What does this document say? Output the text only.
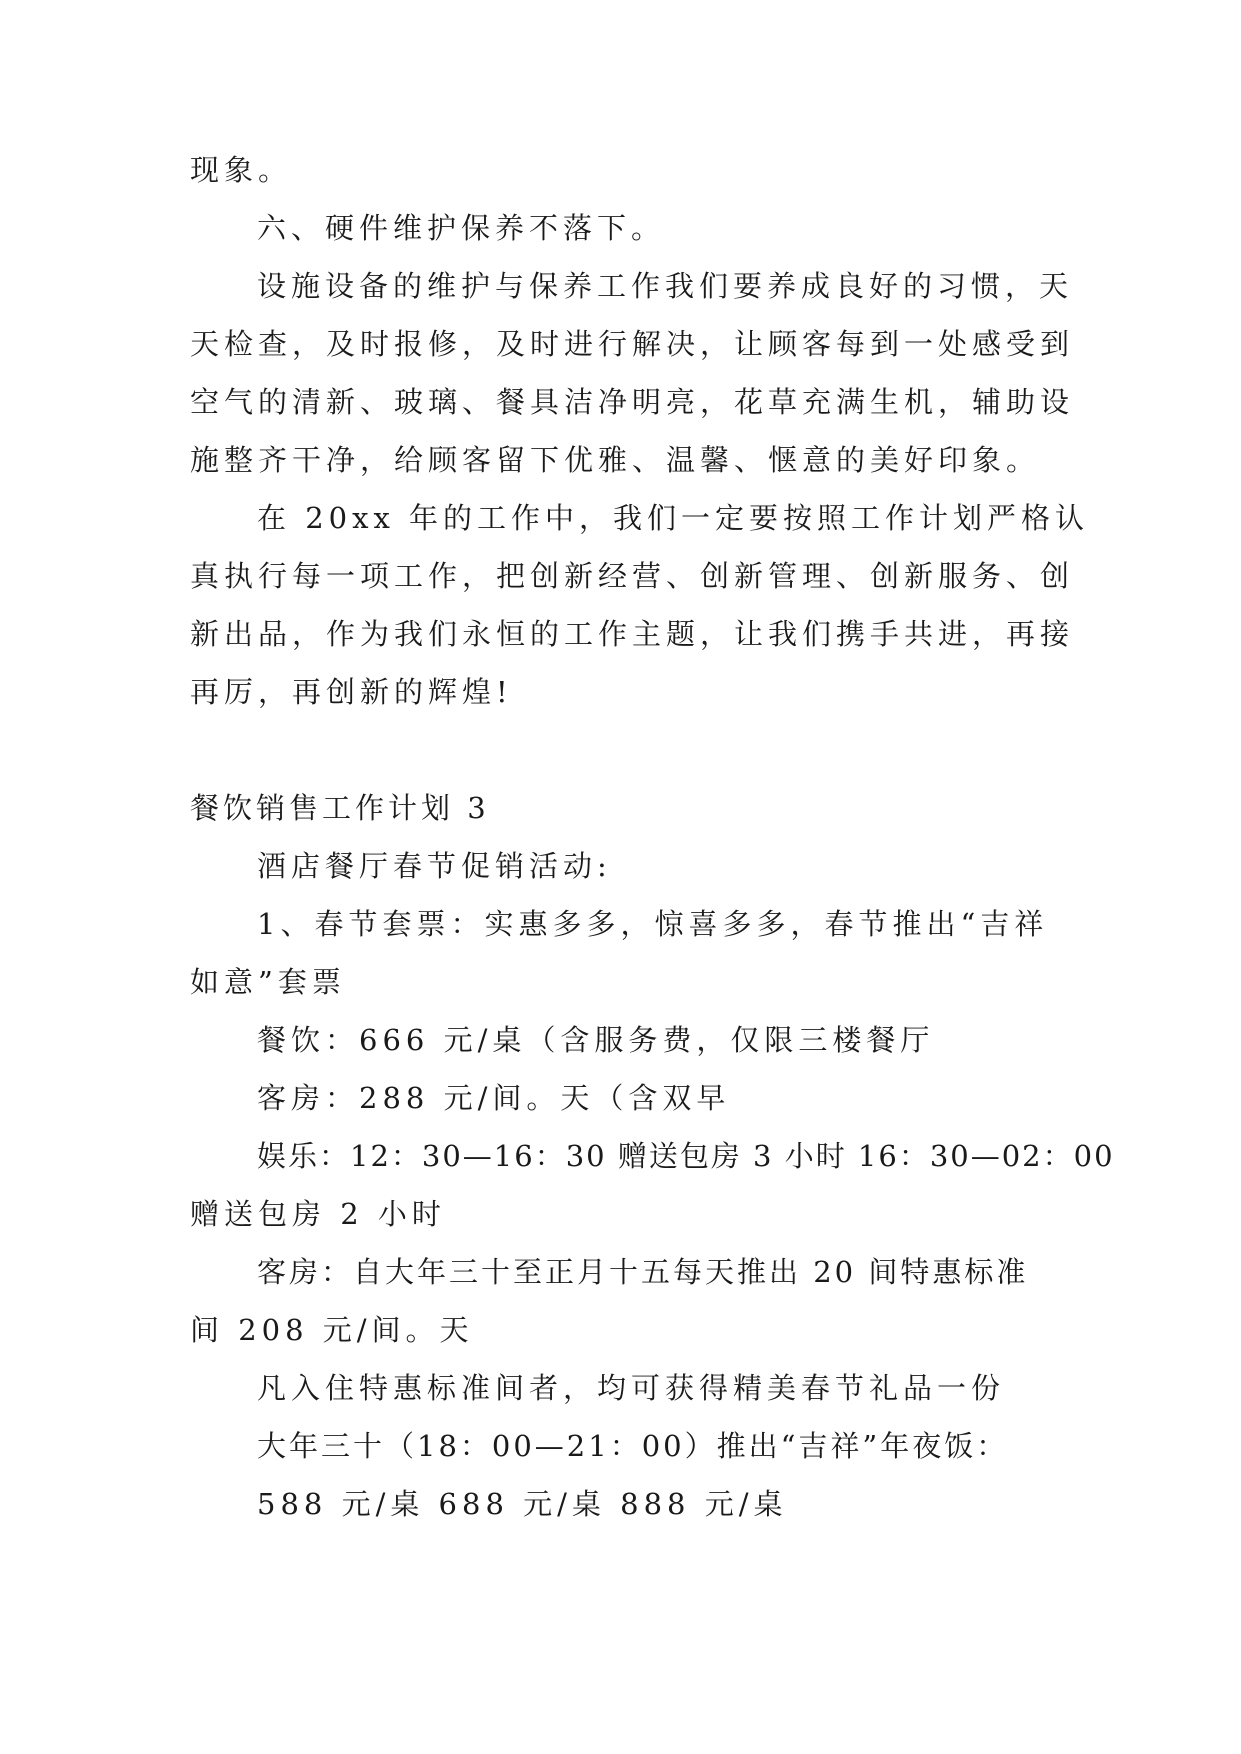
现象。
六、硬件维护保养不落下。
设施设备的维护与保养工作我们要养成良好的习惯，天
天检查，及时报修，及时进行解决，让顾客每到一处感受到
空气的清新、玻璃、餐具洁净明亮，花草充满生机，辅助设
施整齐干净，给顾客留下优雅、温馨、惬意的美好印象。
在 20xx 年的工作中，我们一定要按照工作计划严格认
真执行每一项工作，把创新经营、创新管理、创新服务、创
新出品，作为我们永恒的工作主题，让我们携手共进，再接
再厉，再创新的辉煌!
餐饮销售工作计划 3
酒店餐厅春节促销活动:
1、春节套票：实惠多多，惊喜多多，春节推出“吉祥
如意”套票
餐饮：666 元/桌（含服务费，仅限三楼餐厅
客房：288 元/间。天（含双早
娱乐：12：30—16：30 赠送包房 3 小时 16：30—02：00
赠送包房 2 小时
客房：自大年三十至正月十五每天推出 20 间特惠标准
间 208 元/间。天
凡入住特惠标准间者，均可获得精美春节礼品一份
大年三十（18：00—21：00）推出“吉祥”年夜饭：
588 元/桌 688 元/桌 888 元/桌
